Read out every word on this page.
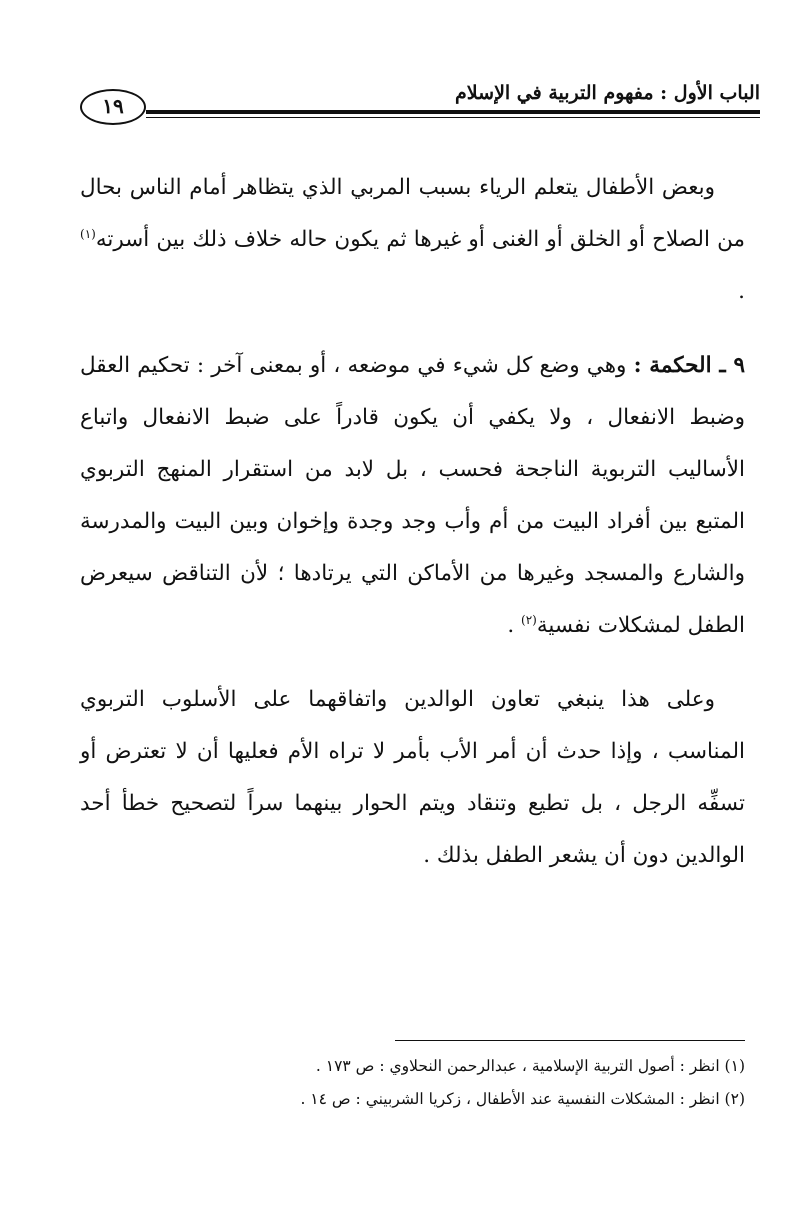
الباب الأول : مفهوم التربية في الإسلام
١٩

وبعض الأطفال يتعلم الرياء بسبب المربي الذي يتظاهر أمام الناس بحال من الصلاح أو الخلق أو الغنى أو غيرها ثم يكون حاله خلاف ذلك بين أسرته$^{(١)}$ .

٩ ـ الحكمة : وهي وضع كل شيء في موضعه ، أو بمعنى آخر : تحكيم العقل وضبط الانفعال ، ولا يكفي أن يكون قادراً على ضبط الانفعال واتباع الأساليب التربوية الناجحة فحسب ، بل لابد من استقرار المنهج التربوي المتبع بين أفراد البيت من أم وأب وجد وجدة وإخوان وبين البيت والمدرسة والشارع والمسجد وغيرها من الأماكن التي يرتادها ؛ لأن التناقض سيعرض الطفل لمشكلات نفسية$^{(٢)}$ .

وعلى هذا ينبغي تعاون الوالدين واتفاقهما على الأسلوب التربوي المناسب ، وإذا حدث أن أمر الأب بأمر لا تراه الأم فعليها أن لا تعترض أو تسفِّه الرجل ، بل تطيع وتنقاد ويتم الحوار بينهما سراً لتصحيح خطأ أحد الوالدين دون أن يشعر الطفل بذلك .

(١) انظر : أصول التربية الإسلامية ، عبدالرحمن النحلاوي : ص ١٧٣ .
(٢) انظر : المشكلات النفسية عند الأطفال ، زكريا الشربيني : ص ١٤ .
